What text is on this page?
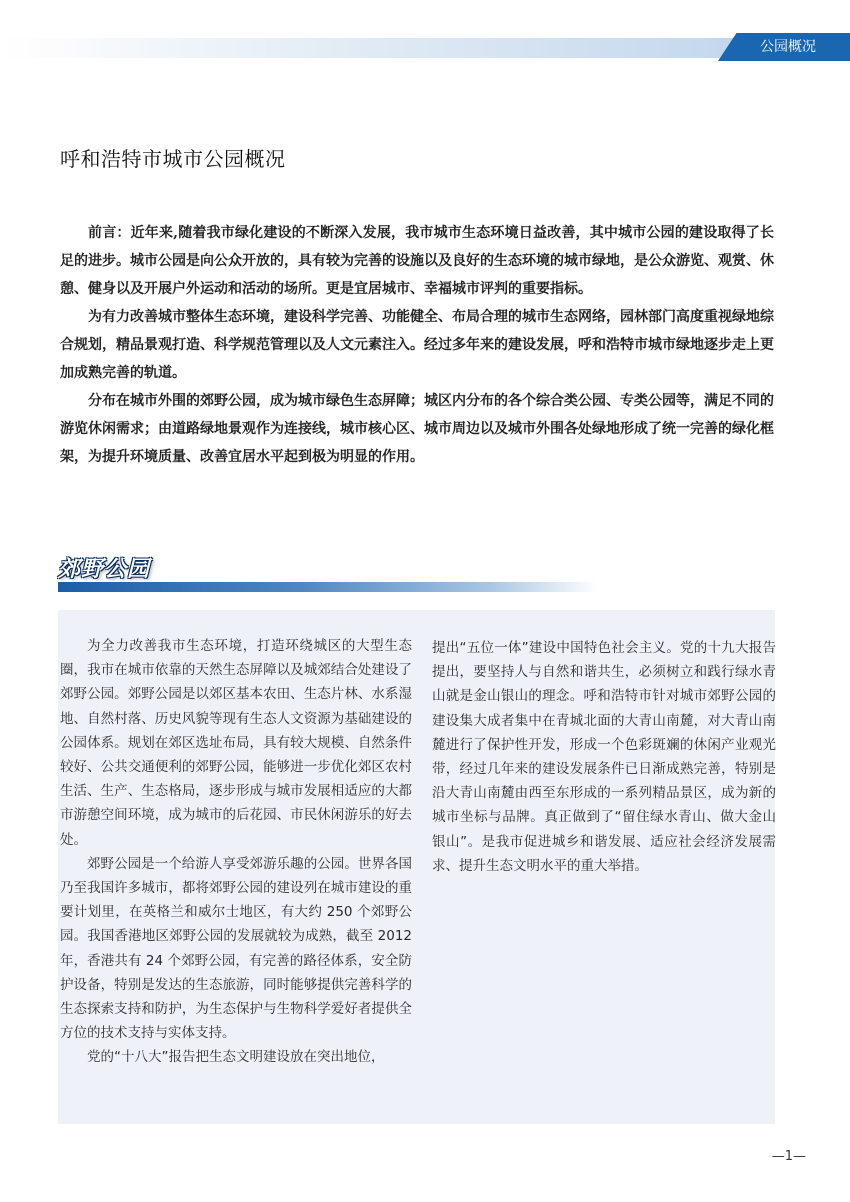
公园概况
呼和浩特市城市公园概况

前言：近年来,随着我市绿化建设的不断深入发展，我市城市生态环境日益改善，其中城市公园的建设取得了长足的进步。城市公园是向公众开放的，具有较为完善的设施以及良好的生态环境的城市绿地，是公众游览、观赏、休憩、健身以及开展户外运动和活动的场所。更是宜居城市、幸福城市评判的重要指标。

为有力改善城市整体生态环境，建设科学完善、功能健全、布局合理的城市生态网络，园林部门高度重视绿地综合规划，精品景观打造、科学规范管理以及人文元素注入。经过多年来的建设发展，呼和浩特市城市绿地逐步走上更加成熟完善的轨道。

分布在城市外围的郊野公园，成为城市绿色生态屏障；城区内分布的各个综合类公园、专类公园等，满足不同的游览休闲需求；由道路绿地景观作为连接线，城市核心区、城市周边以及城市外围各处绿地形成了统一完善的绿化框架，为提升环境质量、改善宜居水平起到极为明显的作用。

郊野公园

为全力改善我市生态环境，打造环绕城区的大型生态圈，我市在城市依靠的天然生态屏障以及城郊结合处建设了郊野公园。郊野公园是以郊区基本农田、生态片林、水系湿地、自然村落、历史风貌等现有生态人文资源为基础建设的公园体系。规划在郊区选址布局，具有较大规模、自然条件较好、公共交通便利的郊野公园，能够进一步优化郊区农村生活、生产、生态格局，逐步形成与城市发展相适应的大都市游憩空间环境，成为城市的后花园、市民休闲游乐的好去处。

郊野公园是一个给游人享受郊游乐趣的公园。世界各国乃至我国许多城市，都将郊野公园的建设列在城市建设的重要计划里，在英格兰和威尔士地区，有大约 250 个郊野公园。我国香港地区郊野公园的发展就较为成熟，截至 2012 年，香港共有 24 个郊野公园，有完善的路径体系，安全防护设备，特别是发达的生态旅游，同时能够提供完善科学的生态探索支持和防护，为生态保护与生物科学爱好者提供全方位的技术支持与实体支持。

党的“十八大”报告把生态文明建设放在突出地位，

提出“五位一体”建设中国特色社会主义。党的十九大报告提出，要坚持人与自然和谐共生，必须树立和践行绿水青山就是金山银山的理念。呼和浩特市针对城市郊野公园的建设集大成者集中在青城北面的大青山南麓，对大青山南麓进行了保护性开发，形成一个色彩斑斓的休闲产业观光带，经过几年来的建设发展条件已日渐成熟完善，特别是沿大青山南麓由西至东形成的一系列精品景区，成为新的城市坐标与品牌。真正做到了“留住绿水青山、做大金山银山”。是我市促进城乡和谐发展、适应社会经济发展需求、提升生态文明水平的重大举措。

—1—
